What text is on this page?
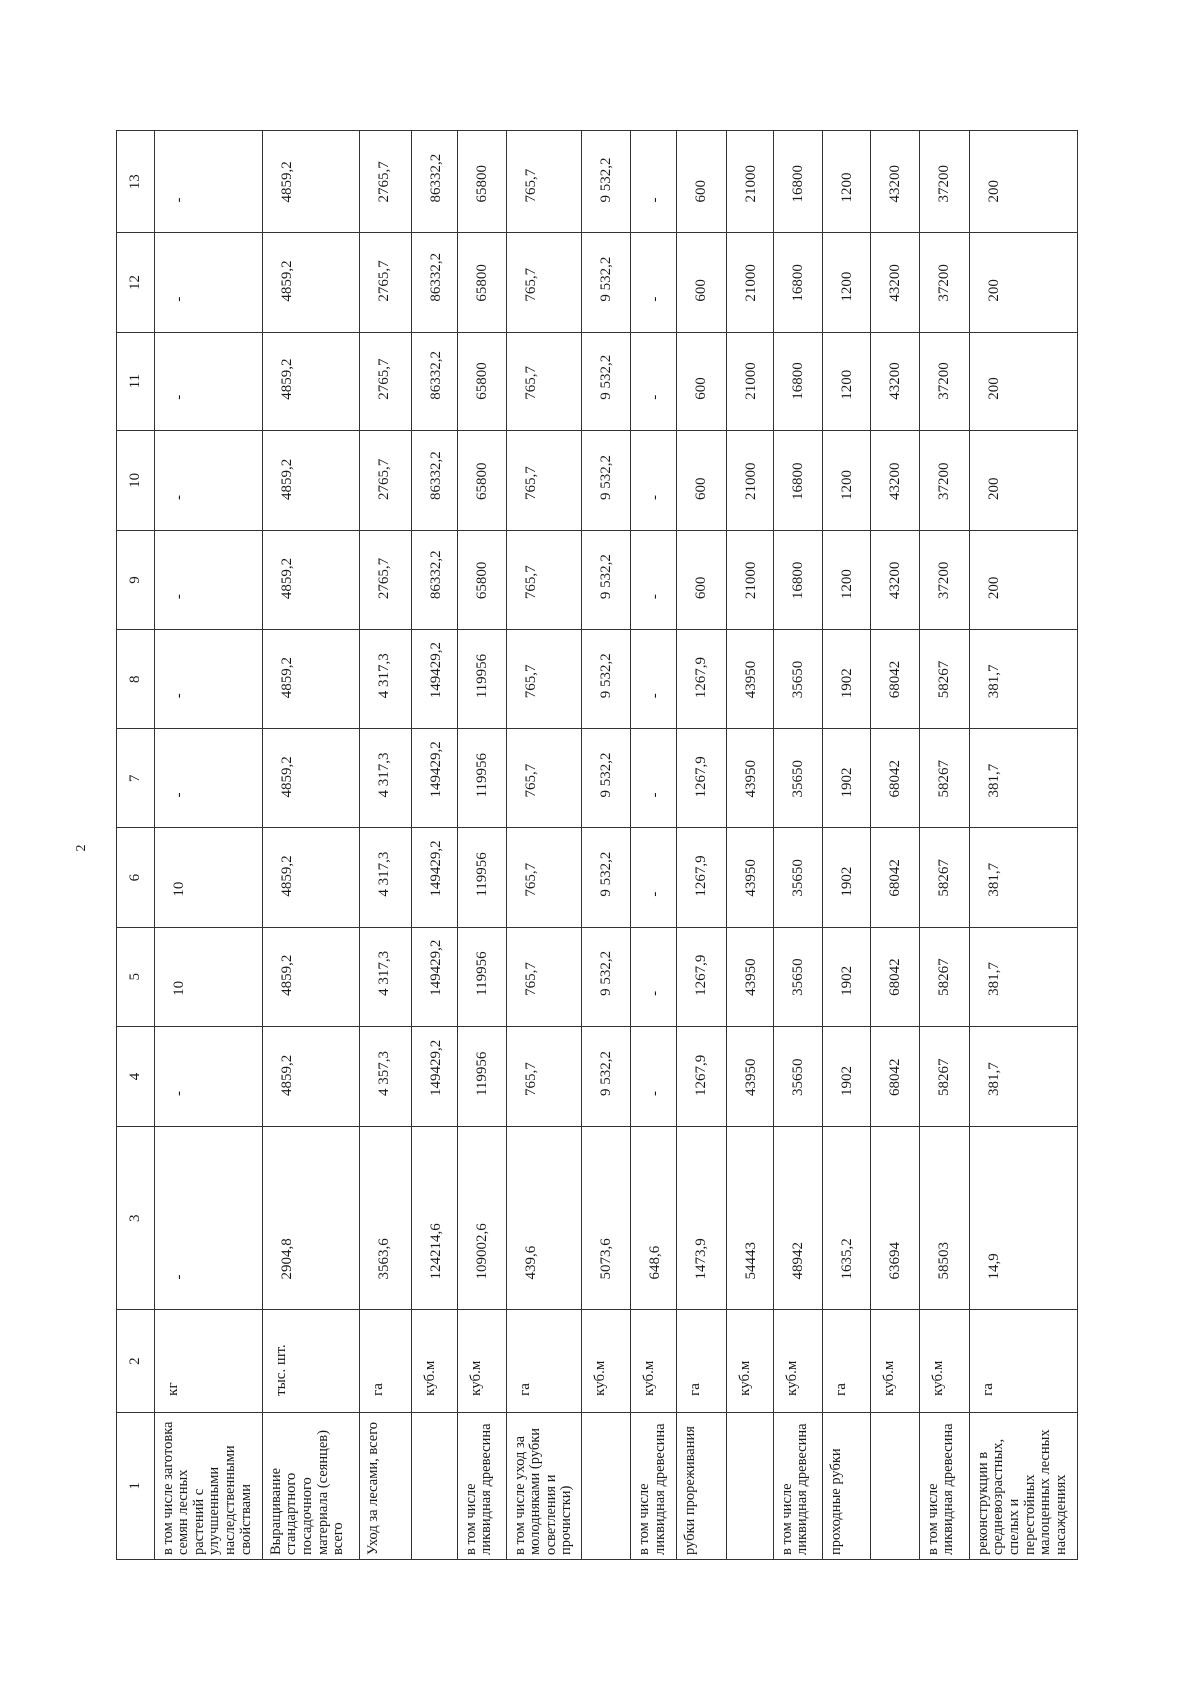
2
1	2	3	4	5	6	7	8	9	10	11	12	13
в том числе заготовка семян лесных растений с улучшенными наследственными свойствами	кг	-	-	10	10	-	-	-	-	-	-	-
Выращивание стандартного посадочного материала (сеянцев) всего	тыс. шт.	2904,8	4859,2	4859,2	4859,2	4859,2	4859,2	4859,2	4859,2	4859,2	4859,2	4859,2
Уход за лесами, всего	га	3563,6	4 357,3	4 317,3	4 317,3	4 317,3	4 317,3	2765,7	2765,7	2765,7	2765,7	2765,7
	куб.м	124214,6	149429,2	149429,2	149429,2	149429,2	149429,2	86332,2	86332,2	86332,2	86332,2	86332,2
в том числе ликвидная древесина	куб.м	109002,6	119956	119956	119956	119956	119956	65800	65800	65800	65800	65800
в том числе уход за молодняками (рубки осветления и прочистки)	га	439,6	765,7	765,7	765,7	765,7	765,7	765,7	765,7	765,7	765,7	765,7
	куб.м	5073,6	9 532,2	9 532,2	9 532,2	9 532,2	9 532,2	9 532,2	9 532,2	9 532,2	9 532,2	9 532,2
в том числе ликвидная древесина	куб.м	648,6	-	-	-	-	-	-	-	-	-	-
рубки прореживания	га	1473,9	1267,9	1267,9	1267,9	1267,9	1267,9	600	600	600	600	600
	куб.м	54443	43950	43950	43950	43950	43950	21000	21000	21000	21000	21000
в том числе ликвидная древесина	куб.м	48942	35650	35650	35650	35650	35650	16800	16800	16800	16800	16800
проходные рубки	га	1635,2	1902	1902	1902	1902	1902	1200	1200	1200	1200	1200
	куб.м	63694	68042	68042	68042	68042	68042	43200	43200	43200	43200	43200
в том числе ликвидная древесина	куб.м	58503	58267	58267	58267	58267	58267	37200	37200	37200	37200	37200
реконструкции в средневозрастных, спелых и перестойных малоценных лесных насаждениях	га	14,9	381,7	381,7	381,7	381,7	381,7	200	200	200	200	200
